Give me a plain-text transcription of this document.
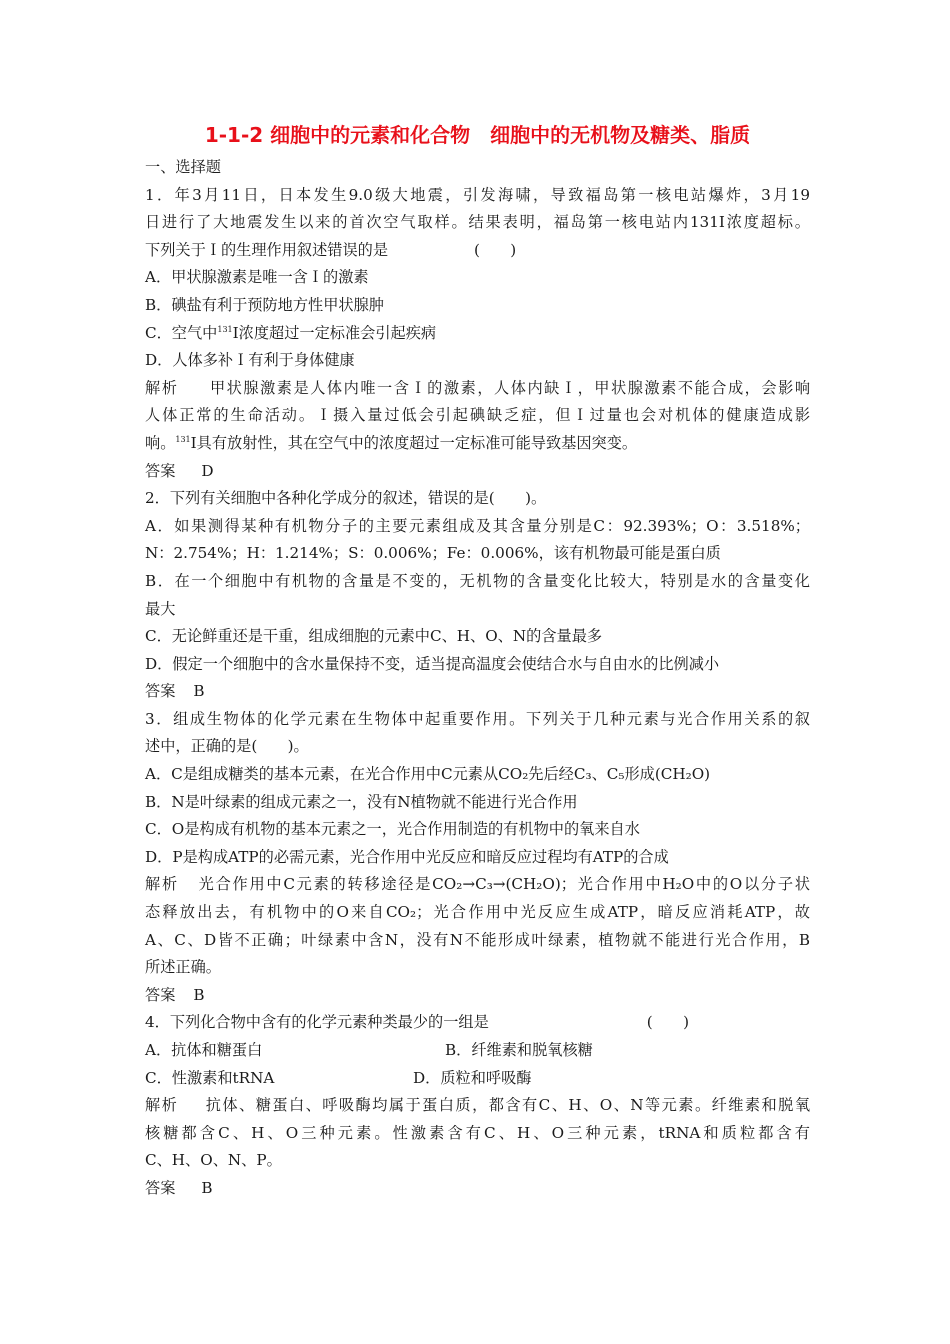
1-1-2 细胞中的元素和化合物　细胞中的无机物及糖类、脂质

一、选择题

1．年3月11日，日本发生9.0级大地震，引发海啸，导致福岛第一核电站爆炸，3月19

日进行了大地震发生以来的首次空气取样。结果表明，福岛第一核电站内131I浓度超标。

下列关于Ｉ的生理作用叙述错误的是	(　　)

A．甲状腺激素是唯一含Ｉ的激素

B．碘盐有利于预防地方性甲状腺肿

C．空气中$^{131}$I浓度超过一定标准会引起疾病

D．人体多补Ｉ有利于身体健康

解析 甲状腺激素是人体内唯一含Ｉ的激素，人体内缺Ｉ，甲状腺激素不能合成，会影响

人体正常的生命活动。Ｉ摄入量过低会引起碘缺乏症，但Ｉ过量也会对机体的健康造成影

响。$^{131}$I具有放射性，其在空气中的浓度超过一定标准可能导致基因突变。

答案 D

2．下列有关细胞中各种化学成分的叙述，错误的是(　　)。

A．如果测得某种有机物分子的主要元素组成及其含量分别是C：92.393%；O：3.518%；

N：2.754%；H：1.214%；S：0.006%；Fe：0.006%，该有机物最可能是蛋白质

B．在一个细胞中有机物的含量是不变的，无机物的含量变化比较大，特别是水的含量变化

最大

C．无论鲜重还是干重，组成细胞的元素中C、H、O、N的含量最多

D．假定一个细胞中的含水量保持不变，适当提高温度会使结合水与自由水的比例减小

答案 B

3．组成生物体的化学元素在生物体中起重要作用。下列关于几种元素与光合作用关系的叙

述中，正确的是(　　)。

A．C是组成糖类的基本元素，在光合作用中C元素从CO₂先后经C₃、C₅形成(CH₂O)

B．N是叶绿素的组成元素之一，没有N植物就不能进行光合作用

C．O是构成有机物的基本元素之一，光合作用制造的有机物中的氧来自水

D．P是构成ATP的必需元素，光合作用中光反应和暗反应过程均有ATP的合成

解析 光合作用中C元素的转移途径是CO₂→C₃→(CH₂O)；光合作用中H₂O中的O以分子状

态释放出去，有机物中的O来自CO₂；光合作用中光反应生成ATP，暗反应消耗ATP，故

A、C、D皆不正确；叶绿素中含N，没有N不能形成叶绿素，植物就不能进行光合作用，B

所述正确。

答案 B

4．下列化合物中含有的化学元素种类最少的一组是	(　　)

A．抗体和糖蛋白	B．纤维素和脱氧核糖
C．性激素和tRNA	D．质粒和呼吸酶

解析 抗体、糖蛋白、呼吸酶均属于蛋白质，都含有C、H、O、N等元素。纤维素和脱氧

核糖都含C、H、O三种元素。性激素含有C、H、O三种元素，tRNA和质粒都含有

C、H、O、N、P。

答案 B
